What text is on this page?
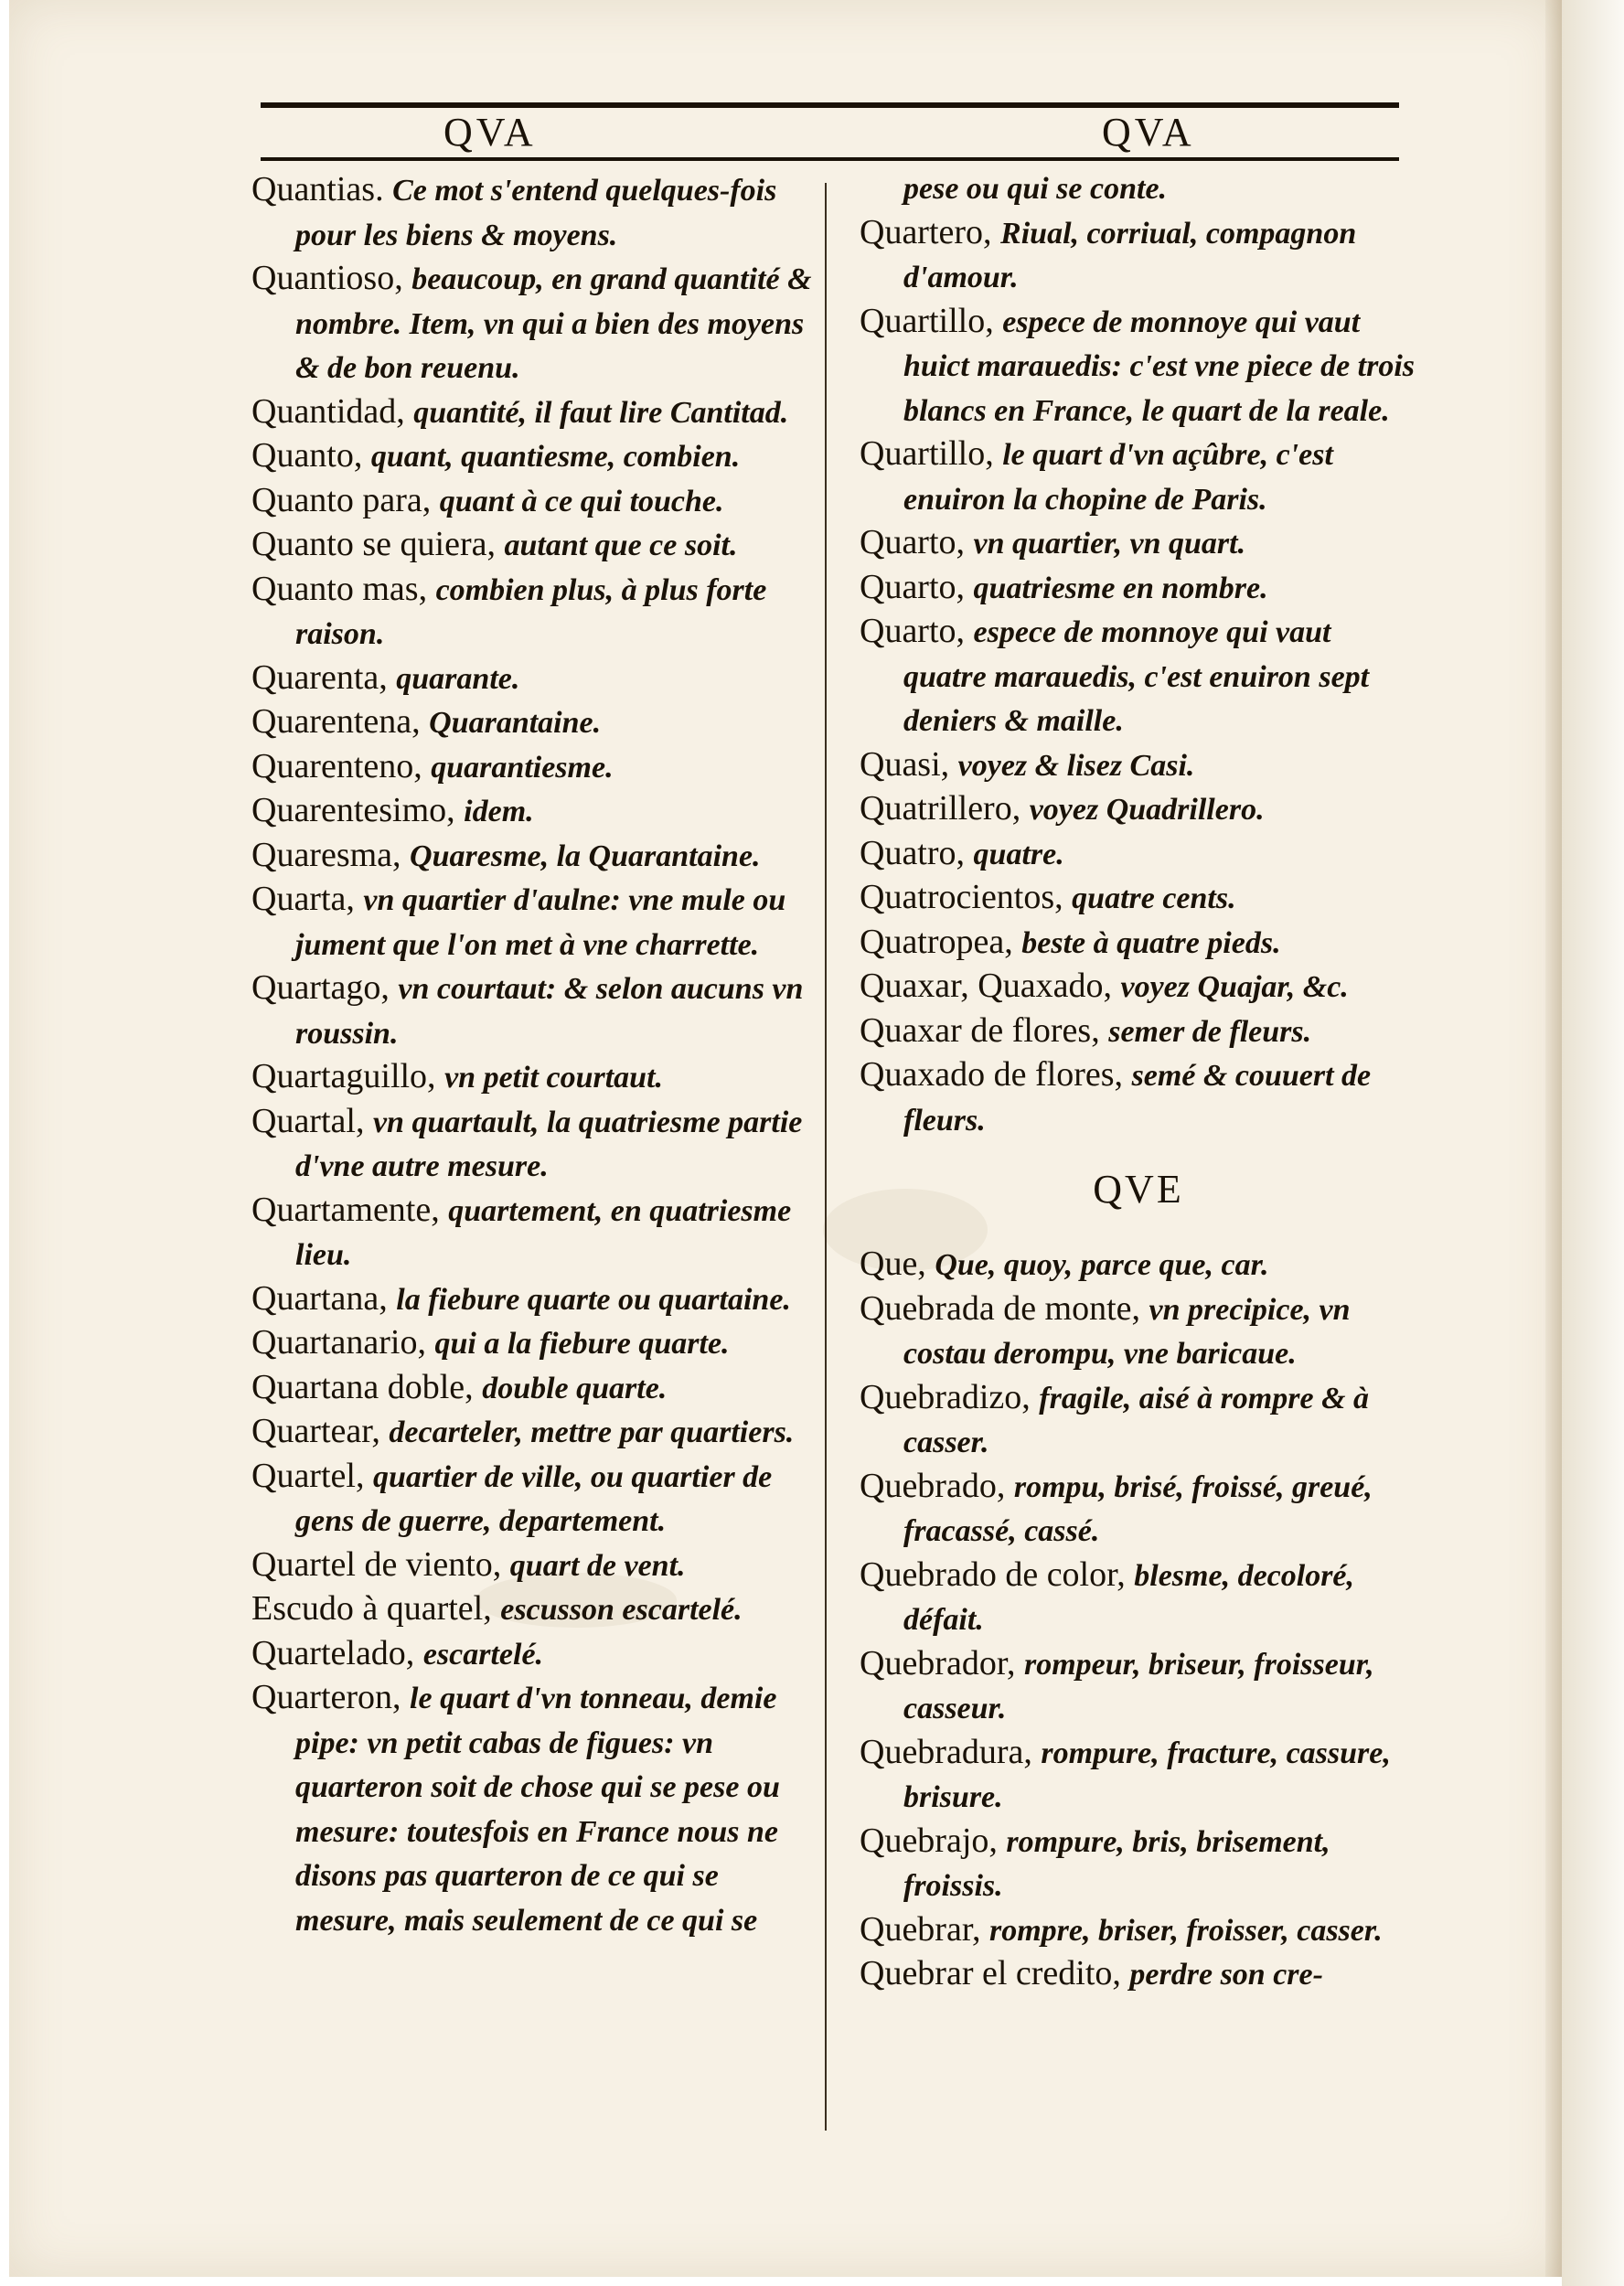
QVA	QVA
Quantias. Ce mot s'entend quelques-fois pour les biens & moyens.
Quantioso, beaucoup, en grand quantité & nombre. Item, vn qui a bien des moyens & de bon reuenu.
Quantidad, quantité, il faut lire Cantitad.
Quanto, quant, quantiesme, combien.
Quanto para, quant à ce qui touche.
Quanto se quiera, autant que ce soit.
Quanto mas, combien plus, à plus forte raison.
Quarenta, quarante.
Quarentena, Quarantaine.
Quarenteno, quarantiesme.
Quarentesimo, idem.
Quaresma, Quaresme, la Quarantaine.
Quarta, vn quartier d'aulne: vne mule ou jument que l'on met à vne charrette.
Quartago, vn courtaut: & selon aucuns vn roussin.
Quartaguillo, vn petit courtaut.
Quartal, vn quartault, la quatriesme partie d'vne autre mesure.
Quartamente, quartement, en quatriesme lieu.
Quartana, la fiebure quarte ou quartaine.
Quartanario, qui a la fiebure quarte.
Quartana doble, double quarte.
Quartear, decarteler, mettre par quartiers.
Quartel, quartier de ville, ou quartier de gens de guerre, departement.
Quartel de viento, quart de vent.
Escudo à quartel, escusson escartelé.
Quartelado, escartelé.
Quarteron, le quart d'vn tonneau, demie pipe: vn petit cabas de figues: vn quarteron soit de chose qui se pese ou mesure: toutesfois en France nous ne disons pas quarteron de ce qui se mesure, mais seulement de ce qui se
pese ou qui se conte.
Quartero, Riual, corriual, compagnon d'amour.
Quartillo, espece de monnoye qui vaut huict marauedis: c'est vne piece de trois blancs en France, le quart de la reale.
Quartillo, le quart d'vn açûbre, c'est enuiron la chopine de Paris.
Quarto, vn quartier, vn quart.
Quarto, quatriesme en nombre.
Quarto, espece de monnoye qui vaut quatre marauedis, c'est enuiron sept deniers & maille.
Quasi, voyez & lisez Casi.
Quatrillero, voyez Quadrillero.
Quatro, quatre.
Quatrocientos, quatre cents.
Quatropea, beste à quatre pieds.
Quaxar, Quaxado, voyez Quajar, &c.
Quaxar de flores, semer de fleurs.
Quaxado de flores, semé & couuert de fleurs.
QVE
Que, Que, quoy, parce que, car.
Quebrada de monte, vn precipice, vn costau derompu, vne baricaue.
Quebradizo, fragile, aisé à rompre & à casser.
Quebrado, rompu, brisé, froissé, greué, fracassé, cassé.
Quebrado de color, blesme, decoloré, défait.
Quebrador, rompeur, briseur, froisseur, casseur.
Quebradura, rompure, fracture, cassure, brisure.
Quebrajo, rompure, bris, brisement, froissis.
Quebrar, rompre, briser, froisser, casser.
Quebrar el credito, perdre son cre-
